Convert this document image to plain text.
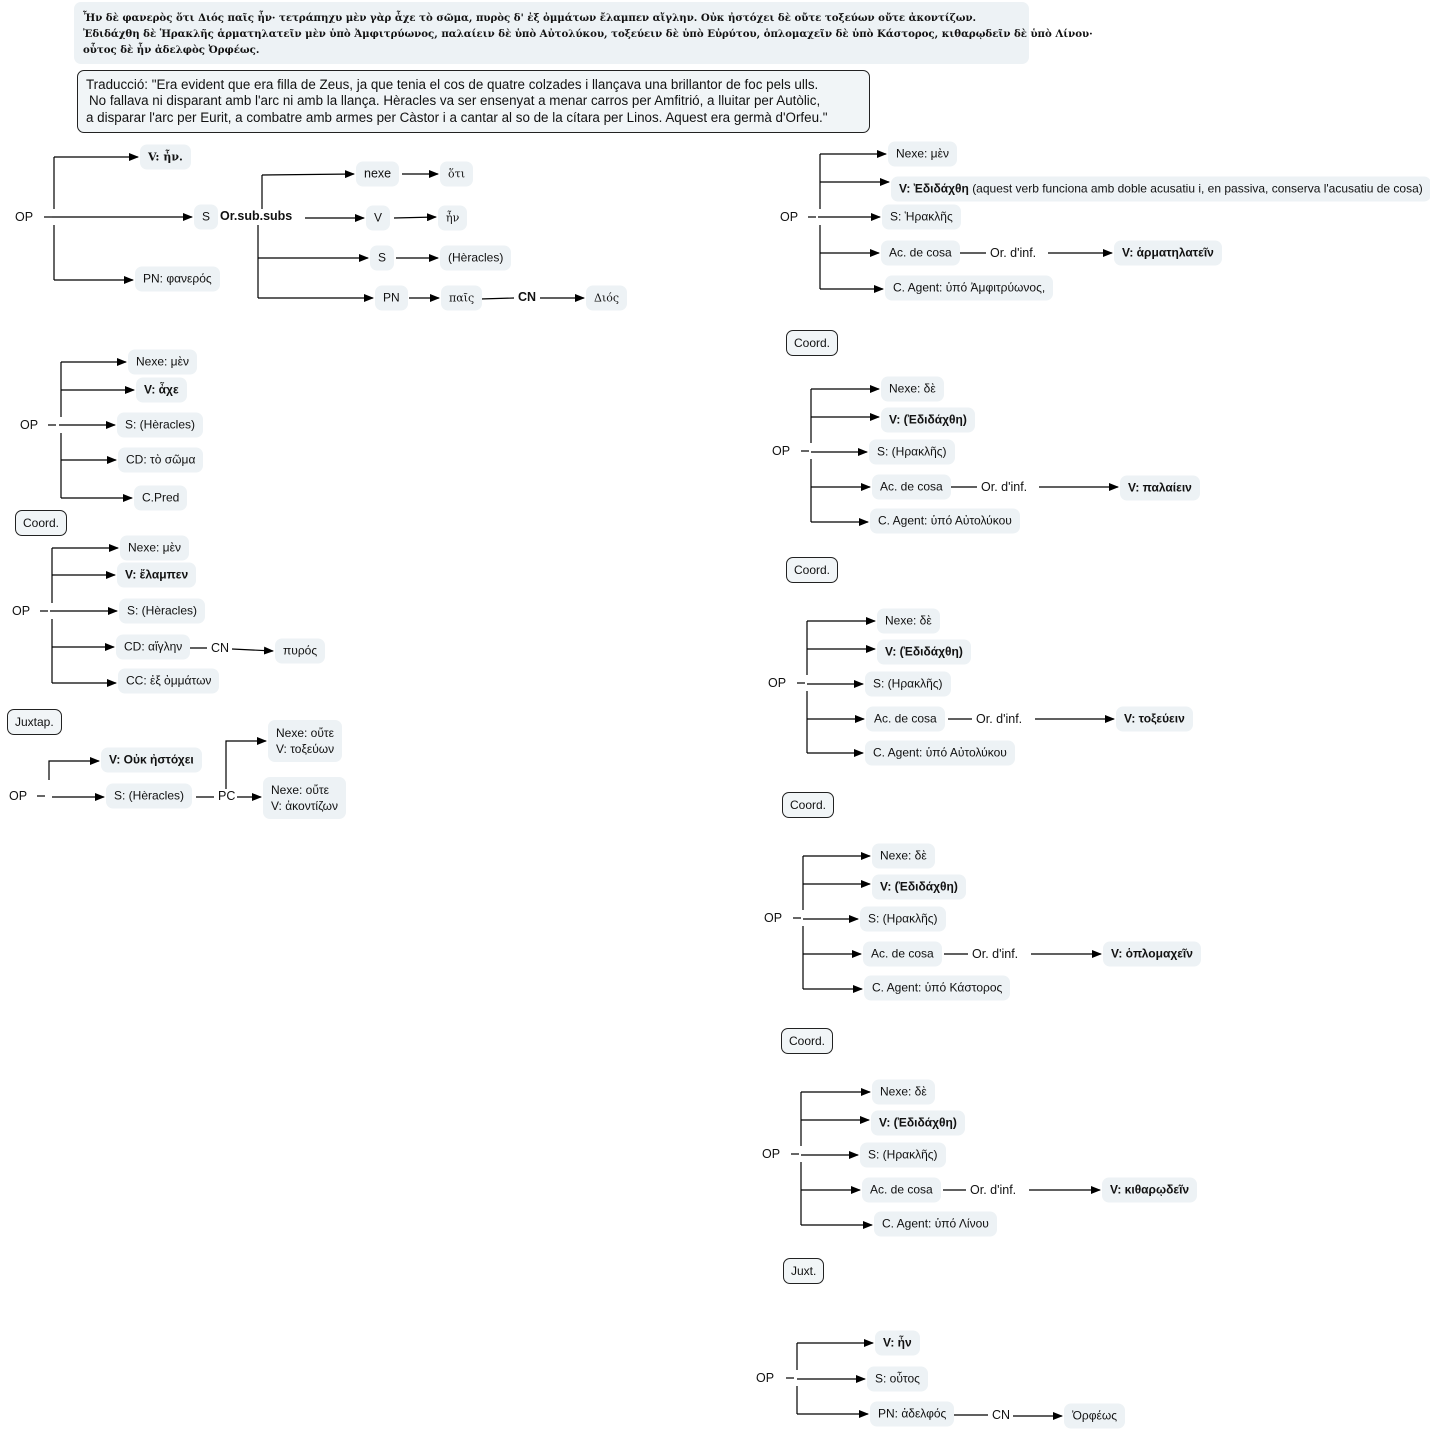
Ἦν δὲ φανερὸς ὅτι Διός παῖς ἦν· τετράπηχυ μὲν γὰρ ἆχε τὸ σῶμα, πυρὸς δ' ἐξ ὀμμάτων ἔλαμπεν αἴγλην. Οὐκ ἠστόχει δὲ οὔτε τοξεύων οὔτε ἀκοντίζων.
Ἐδιδάχθη δὲ Ἡρακλῆς ἁρματηλατεῖν μὲν ὑπὸ Ἀμφιτρύωνος, παλαίειν δὲ ὑπὸ Αὐτολύκου, τοξεύειν δὲ ὑπὸ Εὐρύτου, ὁπλομαχεῖν δὲ ὑπὸ Κάστορος, κιθαρῳδεῖν δὲ ὑπὸ Λίνου·
οὗτος δὲ ἦν ἀδελφὸς Ὀρφέως.
Traducció: "Era evident que era filla de Zeus, ja que tenia el cos de quatre colzades i llançava una brillantor de foc pels ulls.
No fallava ni disparant amb l'arc ni amb la llança. Hèracles va ser ensenyat a menar carros per Amfitrió, a lluitar per Autòlic,
a disparar l'arc per Eurit, a combatre amb armes per Càstor i a cantar al so de la cítara per Linos. Aquest era germà d'Orfeu."
OP
V: ἦν.
S Or.sub.subs
PN: φανερός
nexe	ὅτι
V	ἦν
S	(Hèracles)
PN	παῖς	CN	Διός
OP
Nexe: μὲν
V: ἆχε
S: (Hèracles)
CD: τὸ σῶμα
C.Pred
Coord.
OP
Nexe: μὲν
V: ἔλαμπεν
S: (Hèracles)
CD: αἴγλην	CN	πυρός
CC: ἐξ ὀμμάτων
Juxtap.
OP
V: Οὐκ ἠστόχει
S: (Hèracles)	PC
Nexe: οὔτε
V: τοξεύων
Nexe: οὔτε
V: ἀκοντίζων
OP
Nexe: μὲν
V: Ἐδιδάχθη (aquest verb funciona amb doble acusatiu i, en passiva, conserva l'acusatiu de cosa)
S: Ἡρακλῆς
Ac. de cosa	Or. d'inf.	V: ἁρματηλατεῖν
C. Agent: ὑπό Ἀμφιτρύωνος,
Coord.
OP
Nexe: δὲ
V: (Ἐδιδάχθη)
S: (Ηρακλῆς)
Ac. de cosa	Or. d'inf.	V: παλαίειν
C. Agent: ὑπό Αὐτολύκου
Coord.
OP
Nexe: δὲ
V: (Ἐδιδάχθη)
S: (Ηρακλῆς)
Ac. de cosa	Or. d'inf.	V: τοξεύειν
C. Agent: ὑπό Αὐτολύκου
Coord.
OP
Nexe: δὲ
V: (Ἐδιδάχθη)
S: (Ηρακλῆς)
Ac. de cosa	Or. d'inf.	V: ὁπλομαχεῖν
C. Agent: ὑπό Κάστορος
Coord.
OP
Nexe: δὲ
V: (Ἐδιδάχθη)
S: (Ηρακλῆς)
Ac. de cosa	Or. d'inf.	V: κιθαρῳδεῖν
C. Agent: ὑπό Λίνου
Juxt.
OP
V: ἦν
S: οὗτος
PN: ἀδελφός	CN	Ὀρφέως
